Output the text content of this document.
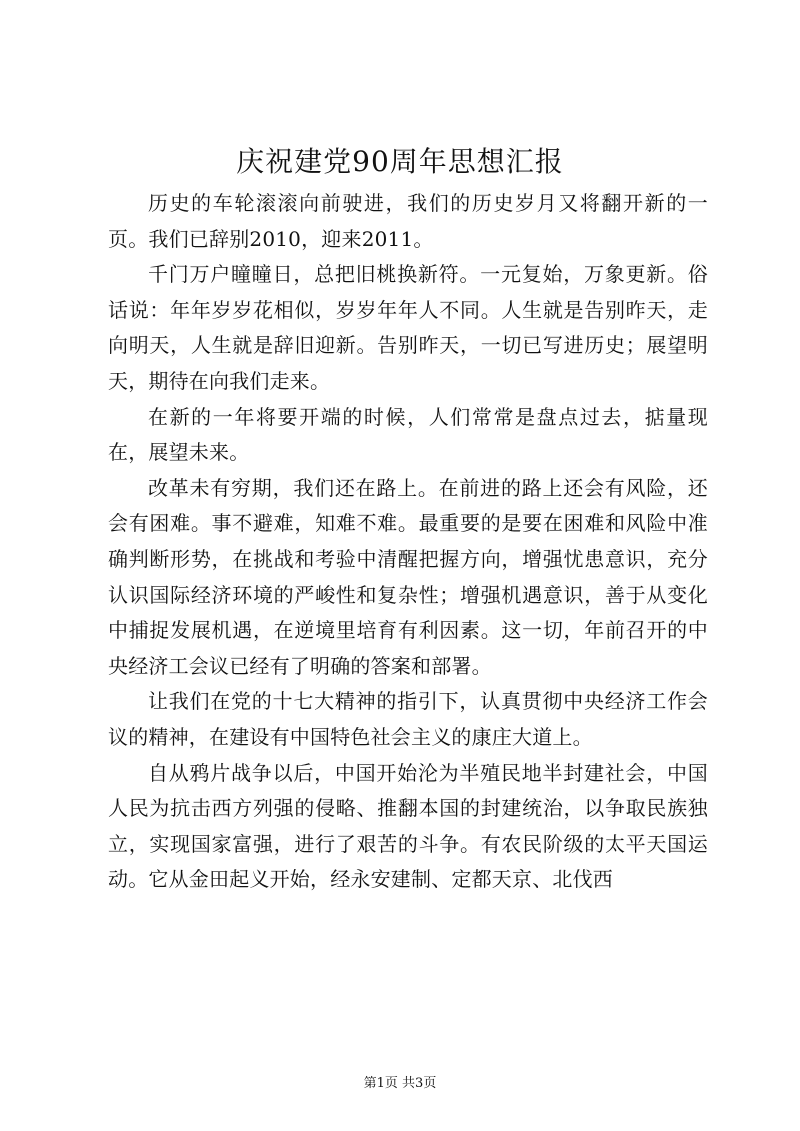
庆祝建党90周年思想汇报

历史的车轮滚滚向前驶进，我们的历史岁月又将翻开新的一页。我们已辞别2010，迎来2011。

千门万户瞳瞳日，总把旧桃换新符。一元复始，万象更新。俗话说：年年岁岁花相似，岁岁年年人不同。人生就是告别昨天，走向明天，人生就是辞旧迎新。告别昨天，一切已写进历史；展望明天，期待在向我们走来。

在新的一年将要开端的时候，人们常常是盘点过去，掂量现在，展望未来。

改革未有穷期，我们还在路上。在前进的路上还会有风险，还会有困难。事不避难，知难不难。最重要的是要在困难和风险中准确判断形势，在挑战和考验中清醒把握方向，增强忧患意识，充分认识国际经济环境的严峻性和复杂性；增强机遇意识，善于从变化中捕捉发展机遇，在逆境里培育有利因素。这一切，年前召开的中央经济工会议已经有了明确的答案和部署。

让我们在党的十七大精神的指引下，认真贯彻中央经济工作会议的精神，在建设有中国特色社会主义的康庄大道上。

自从鸦片战争以后，中国开始沦为半殖民地半封建社会，中国人民为抗击西方列强的侵略、推翻本国的封建统治，以争取民族独立，实现国家富强，进行了艰苦的斗争。有农民阶级的太平天国运动。它从金田起义开始，经永安建制、定都天京、北伐西

第1页 共3页
